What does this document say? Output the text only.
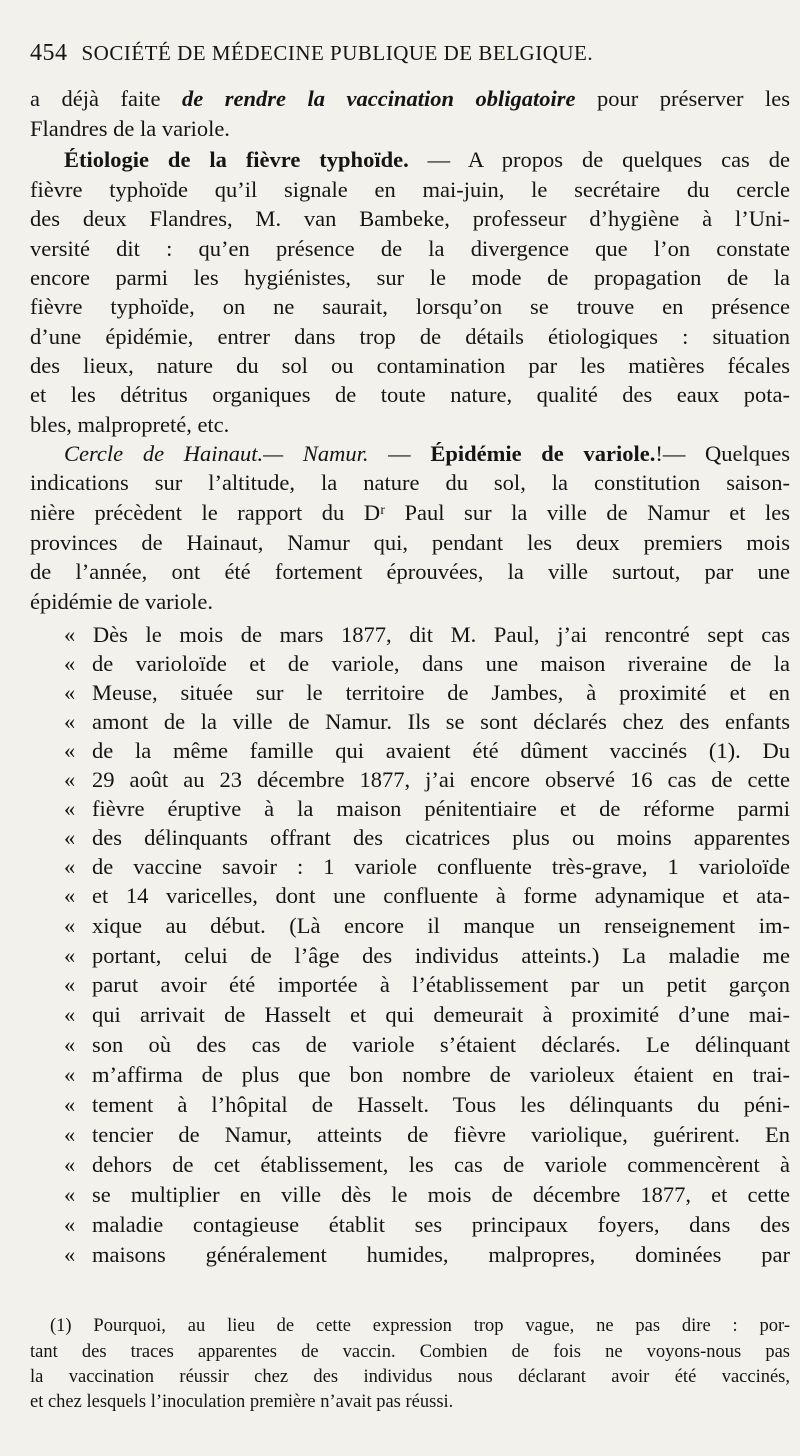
454 SOCIÉTÉ DE MÉDECINE PUBLIQUE DE BELGIQUE.
a déjà faite de rendre la vaccination obligatoire pour préserver les
Flandres de la variole.
Étiologie de la fièvre typhoïde. — A propos de quelques cas de
fièvre typhoïde qu’il signale en mai-juin, le secrétaire du cercle
des deux Flandres, M. van Bambeke, professeur d’hygiène à l’Uni-
versité dit : qu’en présence de la divergence que l’on constate
encore parmi les hygiénistes, sur le mode de propagation de la
fièvre typhoïde, on ne saurait, lorsqu’on se trouve en présence
d’une épidémie, entrer dans trop de détails étiologiques : situation
des lieux, nature du sol ou contamination par les matières fécales
et les détritus organiques de toute nature, qualité des eaux pota-
bles, malpropreté, etc.
Cercle de Hainaut.— Namur. — Épidémie de variole.!— Quelques
indications sur l’altitude, la nature du sol, la constitution saison-
nière précèdent le rapport du Dʳ Paul sur la ville de Namur et les
provinces de Hainaut, Namur qui, pendant les deux premiers mois
de l’année, ont été fortement éprouvées, la ville surtout, par une
épidémie de variole.
« Dès le mois de mars 1877, dit M. Paul, j’ai rencontré sept cas
« de varioloïde et de variole, dans une maison riveraine de la
« Meuse, située sur le territoire de Jambes, à proximité et en
« amont de la ville de Namur. Ils se sont déclarés chez des enfants
« de la même famille qui avaient été dûment vaccinés (1). Du
« 29 août au 23 décembre 1877, j’ai encore observé 16 cas de cette
« fièvre éruptive à la maison pénitentiaire et de réforme parmi
« des délinquants offrant des cicatrices plus ou moins apparentes
« de vaccine savoir : 1 variole confluente très-grave, 1 varioloïde
« et 14 varicelles, dont une confluente à forme adynamique et ata-
« xique au début. (Là encore il manque un renseignement im-
« portant, celui de l’âge des individus atteints.) La maladie me
« parut avoir été importée à l’établissement par un petit garçon
« qui arrivait de Hasselt et qui demeurait à proximité d’une mai-
« son où des cas de variole s’étaient déclarés. Le délinquant
« m’affirma de plus que bon nombre de varioleux étaient en trai-
« tement à l’hôpital de Hasselt. Tous les délinquants du péni-
« tencier de Namur, atteints de fièvre variolique, guérirent. En
« dehors de cet établissement, les cas de variole commencèrent à
« se multiplier en ville dès le mois de décembre 1877, et cette
« maladie contagieuse établit ses principaux foyers, dans des
« maisons généralement humides, malpropres, dominées par
(1) Pourquoi, au lieu de cette expression trop vague, ne pas dire : por-
tant des traces apparentes de vaccin. Combien de fois ne voyons-nous pas
la vaccination réussir chez des individus nous déclarant avoir été vaccinés,
et chez lesquels l’inoculation première n’avait pas réussi.
